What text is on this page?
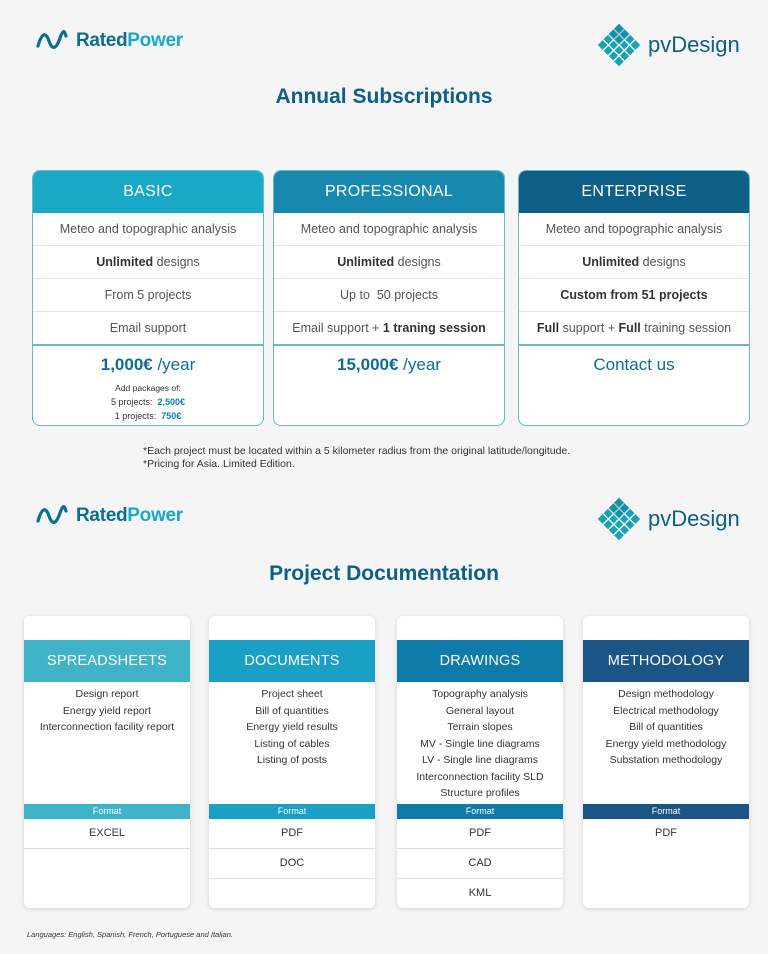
RatedPower	pvDesign
Annual Subscriptions
BASIC
Meteo and topographic analysis
Unlimited designs
From 5 projects
Email support
1,000€ /year
Add packages of:
5 projects: 2,500€
1 projects: 750€
PROFESSIONAL
Meteo and topographic analysis
Unlimited designs
Up to  50 projects
Email support + 1 traning session
15,000€ /year
ENTERPRISE
Meteo and topographic analysis
Unlimited designs
Custom from 51 projects
Full support + Full training session
Contact us
*Each project must be located within a 5 kilometer radius from the original latitude/longitude.
*Pricing for Asia. Limited Edition.
RatedPower	pvDesign
Project Documentation
SPREADSHEETS
Design report
Energy yield report
Interconnection facility report
Format
EXCEL
DOCUMENTS
Project sheet
Bill of quantities
Energy yield results
Listing of cables
Listing of posts
Format
PDF
DOC
DRAWINGS
Topography analysis
General layout
Terrain slopes
MV - Single line diagrams
LV - Single line diagrams
Interconnection facility SLD
Structure profiles
Format
PDF
CAD
KML
METHODOLOGY
Design methodology
Electrical methodology
Bill of quantities
Energy yield methodology
Substation methodology
Format
PDF
Languages: English, Spanish, French, Portuguese and Italian.
